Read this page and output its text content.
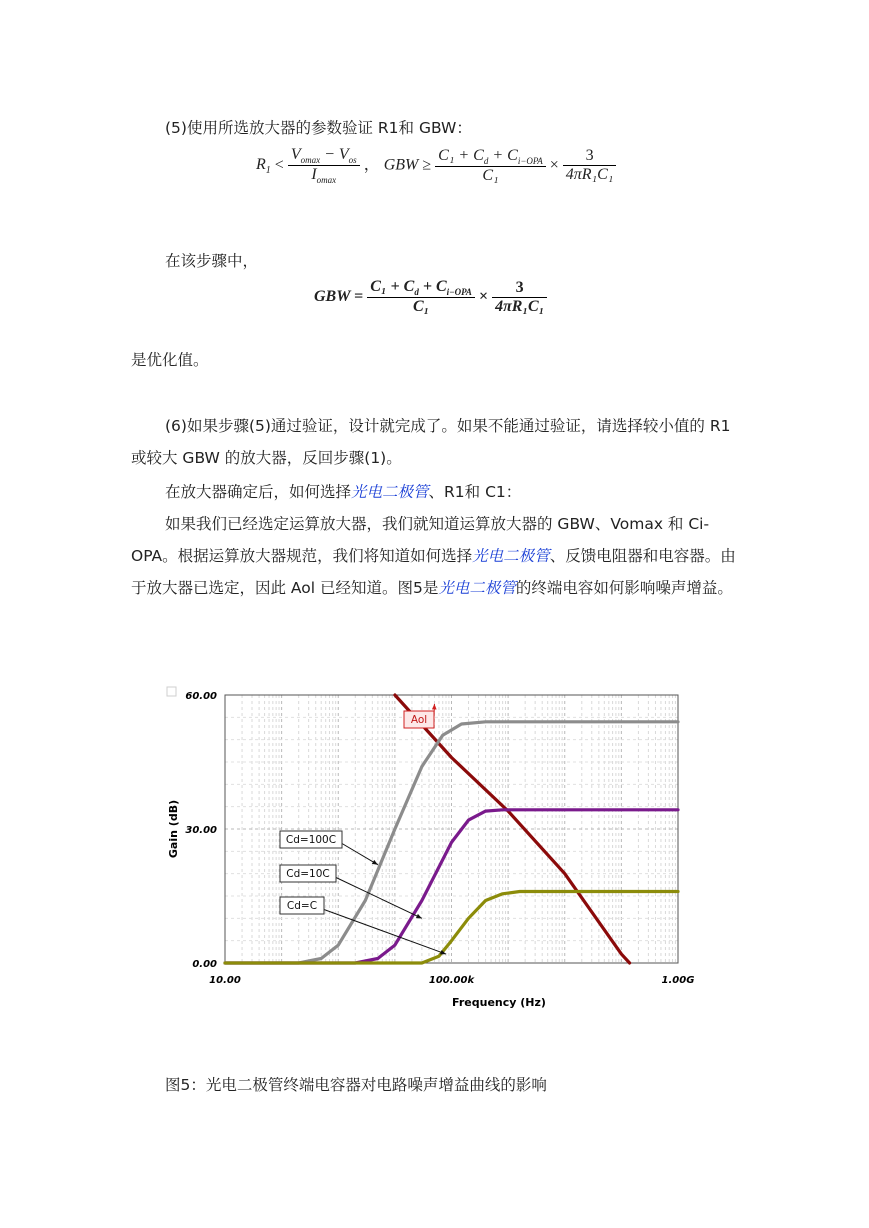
(5)使用所选放大器的参数验证 R1和 GBW：

$R_1 < \frac{V_{omax} - V_{os}}{I_{omax}}$ ， GBW ≥ $\frac{C_1 + C_d + C_{i-OPA}}{\text{C₁}} \times \frac{3}{\text{4πR₁C₁}}$

在该步骤中，

GBW = $\frac{C_1 + C_d + C_{i-OPA}}{\text{C₁}} \times \frac{3}{\text{4πR₁C₁}}$

是优化值。

(6)如果步骤(5)通过验证，设计就完成了。如果不能通过验证，请选择较小值的 R1或较大 GBW 的放大器，反回步骤(1)。

在放大器确定后，如何选择光电二极管、R1和 C1：

如果我们已经选定运算放大器，我们就知道运算放大器的 GBW、Vomax 和 Ci-OPA。根据运算放大器规范，我们将知道如何选择光电二极管、反馈电阻器和电容器。由于放大器已选定，因此 Aol 已经知道。图5是光电二极管的终端电容如何影响噪声增益。

Aol
Cd=100C
Cd=10C
Cd=C
10.00	100.00k	1.00G
0.00
30.00
60.00
Frequency (Hz)
Gain (dB)
图5：光电二极管终端电容器对电路噪声增益曲线的影响
